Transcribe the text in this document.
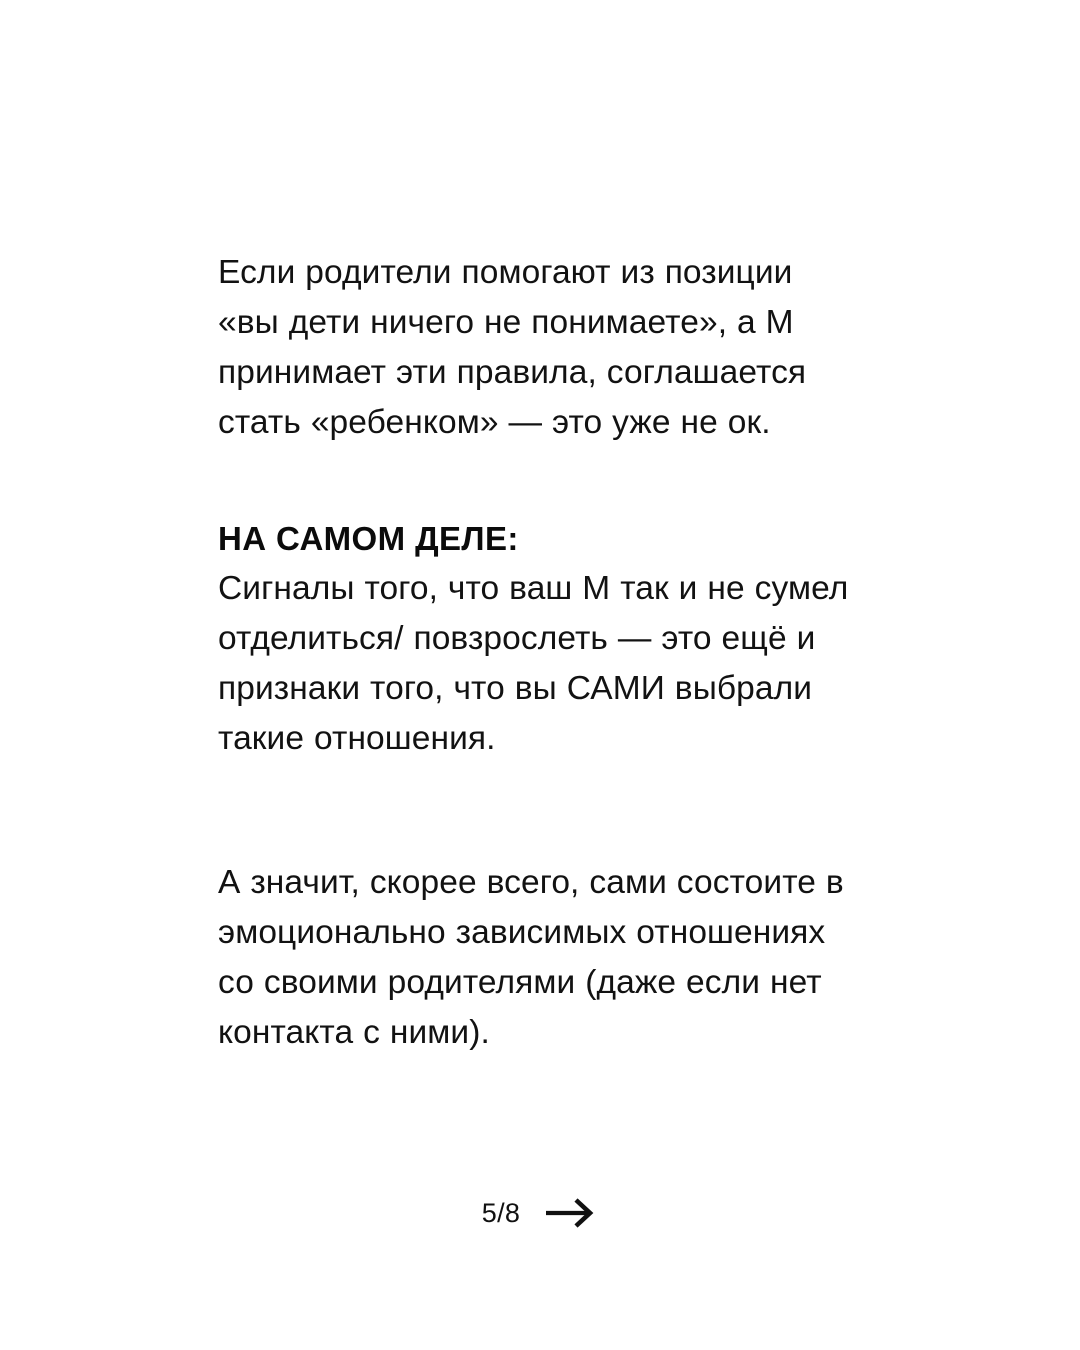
Если родители помогают из позиции
«вы дети ничего не понимаете», а М
принимает эти правила, соглашается
стать «ребенком» — это уже не ок.

НА САМОМ ДЕЛЕ:

Сигналы того, что ваш М так и не сумел
отделиться/ повзрослеть — это ещё и
признаки того, что вы САМИ выбрали
такие отношения.

А значит, скорее всего, сами состоите в
эмоционально зависимых отношениях
со своими родителями (даже если нет
контакта с ними).

5/8
